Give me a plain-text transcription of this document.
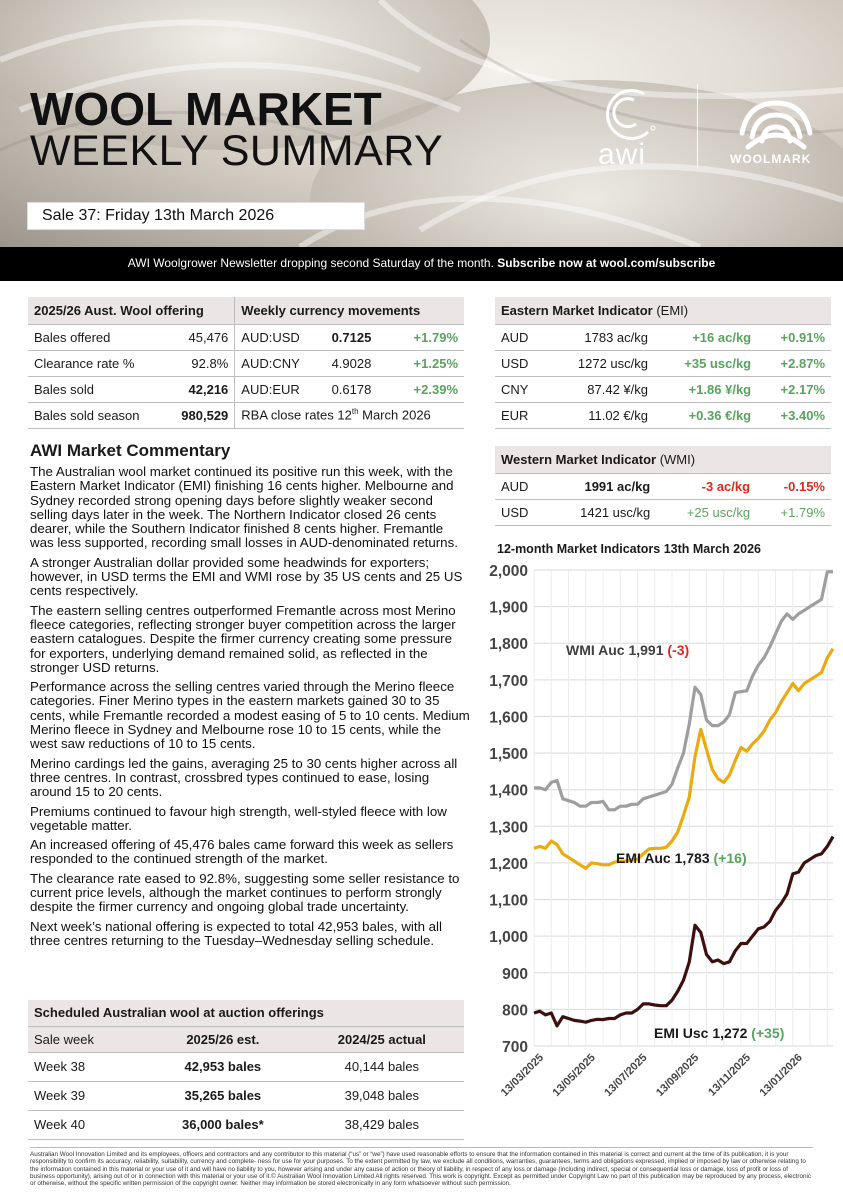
WOOL MARKET
WEEKLY SUMMARY
Sale 37: Friday 13th March 2026
awi	WOOLMARK
AWI Woolgrower Newsletter dropping second Saturday of the month. Subscribe now at wool.com/subscribe
2025/26 Aust. Wool offering		Weekly currency movements		
Bales offered	45,476	AUD:USD	0.7125	+1.79%
Clearance rate %	92.8%	AUD:CNY	4.9028	+1.25%
Bales sold	42,216	AUD:EUR	0.6178	+2.39%
Bales sold season	980,529	RBA close rates 12th March 2026		
Eastern Market Indicator (EMI)			
AUD	1783 ac/kg	+16 ac/kg	+0.91%
USD	1272 usc/kg	+35 usc/kg	+2.87%
CNY	87.42 ¥/kg	+1.86 ¥/kg	+2.17%
EUR	11.02 €/kg	+0.36 €/kg	+3.40%
Western Market Indicator (WMI)			
AUD	1991 ac/kg	-3 ac/kg	-0.15%
USD	1421 usc/kg	+25 usc/kg	+1.79%
AWI Market Commentary

The Australian wool market continued its positive run this week, with the Eastern Market Indicator (EMI) finishing 16 cents higher. Melbourne and Sydney recorded strong opening days before slightly weaker second selling days later in the week. The Northern Indicator closed 26 cents dearer, while the Southern Indicator finished 8 cents higher. Fremantle was less supported, recording small losses in AUD-denominated returns.

A stronger Australian dollar provided some headwinds for exporters; however, in USD terms the EMI and WMI rose by 35 US cents and 25 US cents respectively.

The eastern selling centres outperformed Fremantle across most Merino fleece categories, reflecting stronger buyer competition across the larger eastern catalogues. Despite the firmer currency creating some pressure for exporters, underlying demand remained solid, as reflected in the stronger USD returns.

Performance across the selling centres varied through the Merino fleece categories. Finer Merino types in the eastern markets gained 30 to 35 cents, while Fremantle recorded a modest easing of 5 to 10 cents. Medium Merino fleece in Sydney and Melbourne rose 10 to 15 cents, while the west saw reductions of 10 to 15 cents.

Merino cardings led the gains, averaging 25 to 30 cents higher across all three centres. In contrast, crossbred types continued to ease, losing around 15 to 20 cents.

Premiums continued to favour high strength, well-styled fleece with low vegetable matter.

An increased offering of 45,476 bales came forward this week as sellers responded to the continued strength of the market.

The clearance rate eased to 92.8%, suggesting some seller resistance to current price levels, although the market continues to perform strongly despite the firmer currency and ongoing global trade uncertainty.

Next week’s national offering is expected to total 42,953 bales, with all three centres returning to the Tuesday–Wednesday selling schedule.

Scheduled Australian wool at auction offerings		
Sale week	2025/26 est.	2024/25 actual
Week 38	42,953 bales	40,144 bales
Week 39	35,265 bales	39,048 bales
Week 40	36,000 bales*	38,429 bales
12-month Market Indicators 13th March 2026
2,000
1,900
1,800
1,700
1,600
1,500
1,400
1,300
1,200
1,100
1,000
900
800
700
13/03/2025 13/05/2025 13/07/2025 13/09/2025 13/11/2025 13/01/2026
WMI Auc 1,991 (-3)
EMI Auc 1,783 (+16)
EMI Usc 1,272 (+35)
Australian Wool Innovation Limited and its employees, officers and contractors and any contributor to this material (“us” or “we”) have used reasonable efforts to ensure that the information contained in this material is correct and current at the time of its publication, it is your responsibility to confirm its accuracy, reliability, suitability, currency and complete- ness for use for your purposes. To the extent permitted by law, we exclude all conditions, warranties, guarantees, terms and obligations expressed, implied or imposed by law or otherwise relating to the information contained in this material or your use of it and will have no liability to you, however arising and under any cause of action or theory of liability, in respect of any loss or damage (including indirect, special or consequential loss or damage, loss of profit or loss of business opportunity), arising out of or in connection with this material or your use of it.© Australian Wool Innovation Limited All rights reserved. This work is copyright. Except as permitted under Copyright Law no part of this publication may be reproduced by any process, electronic or otherwise, without the specific written permission of the copyright owner. Neither may information be stored electronically in any form whatsoever without such permission.
